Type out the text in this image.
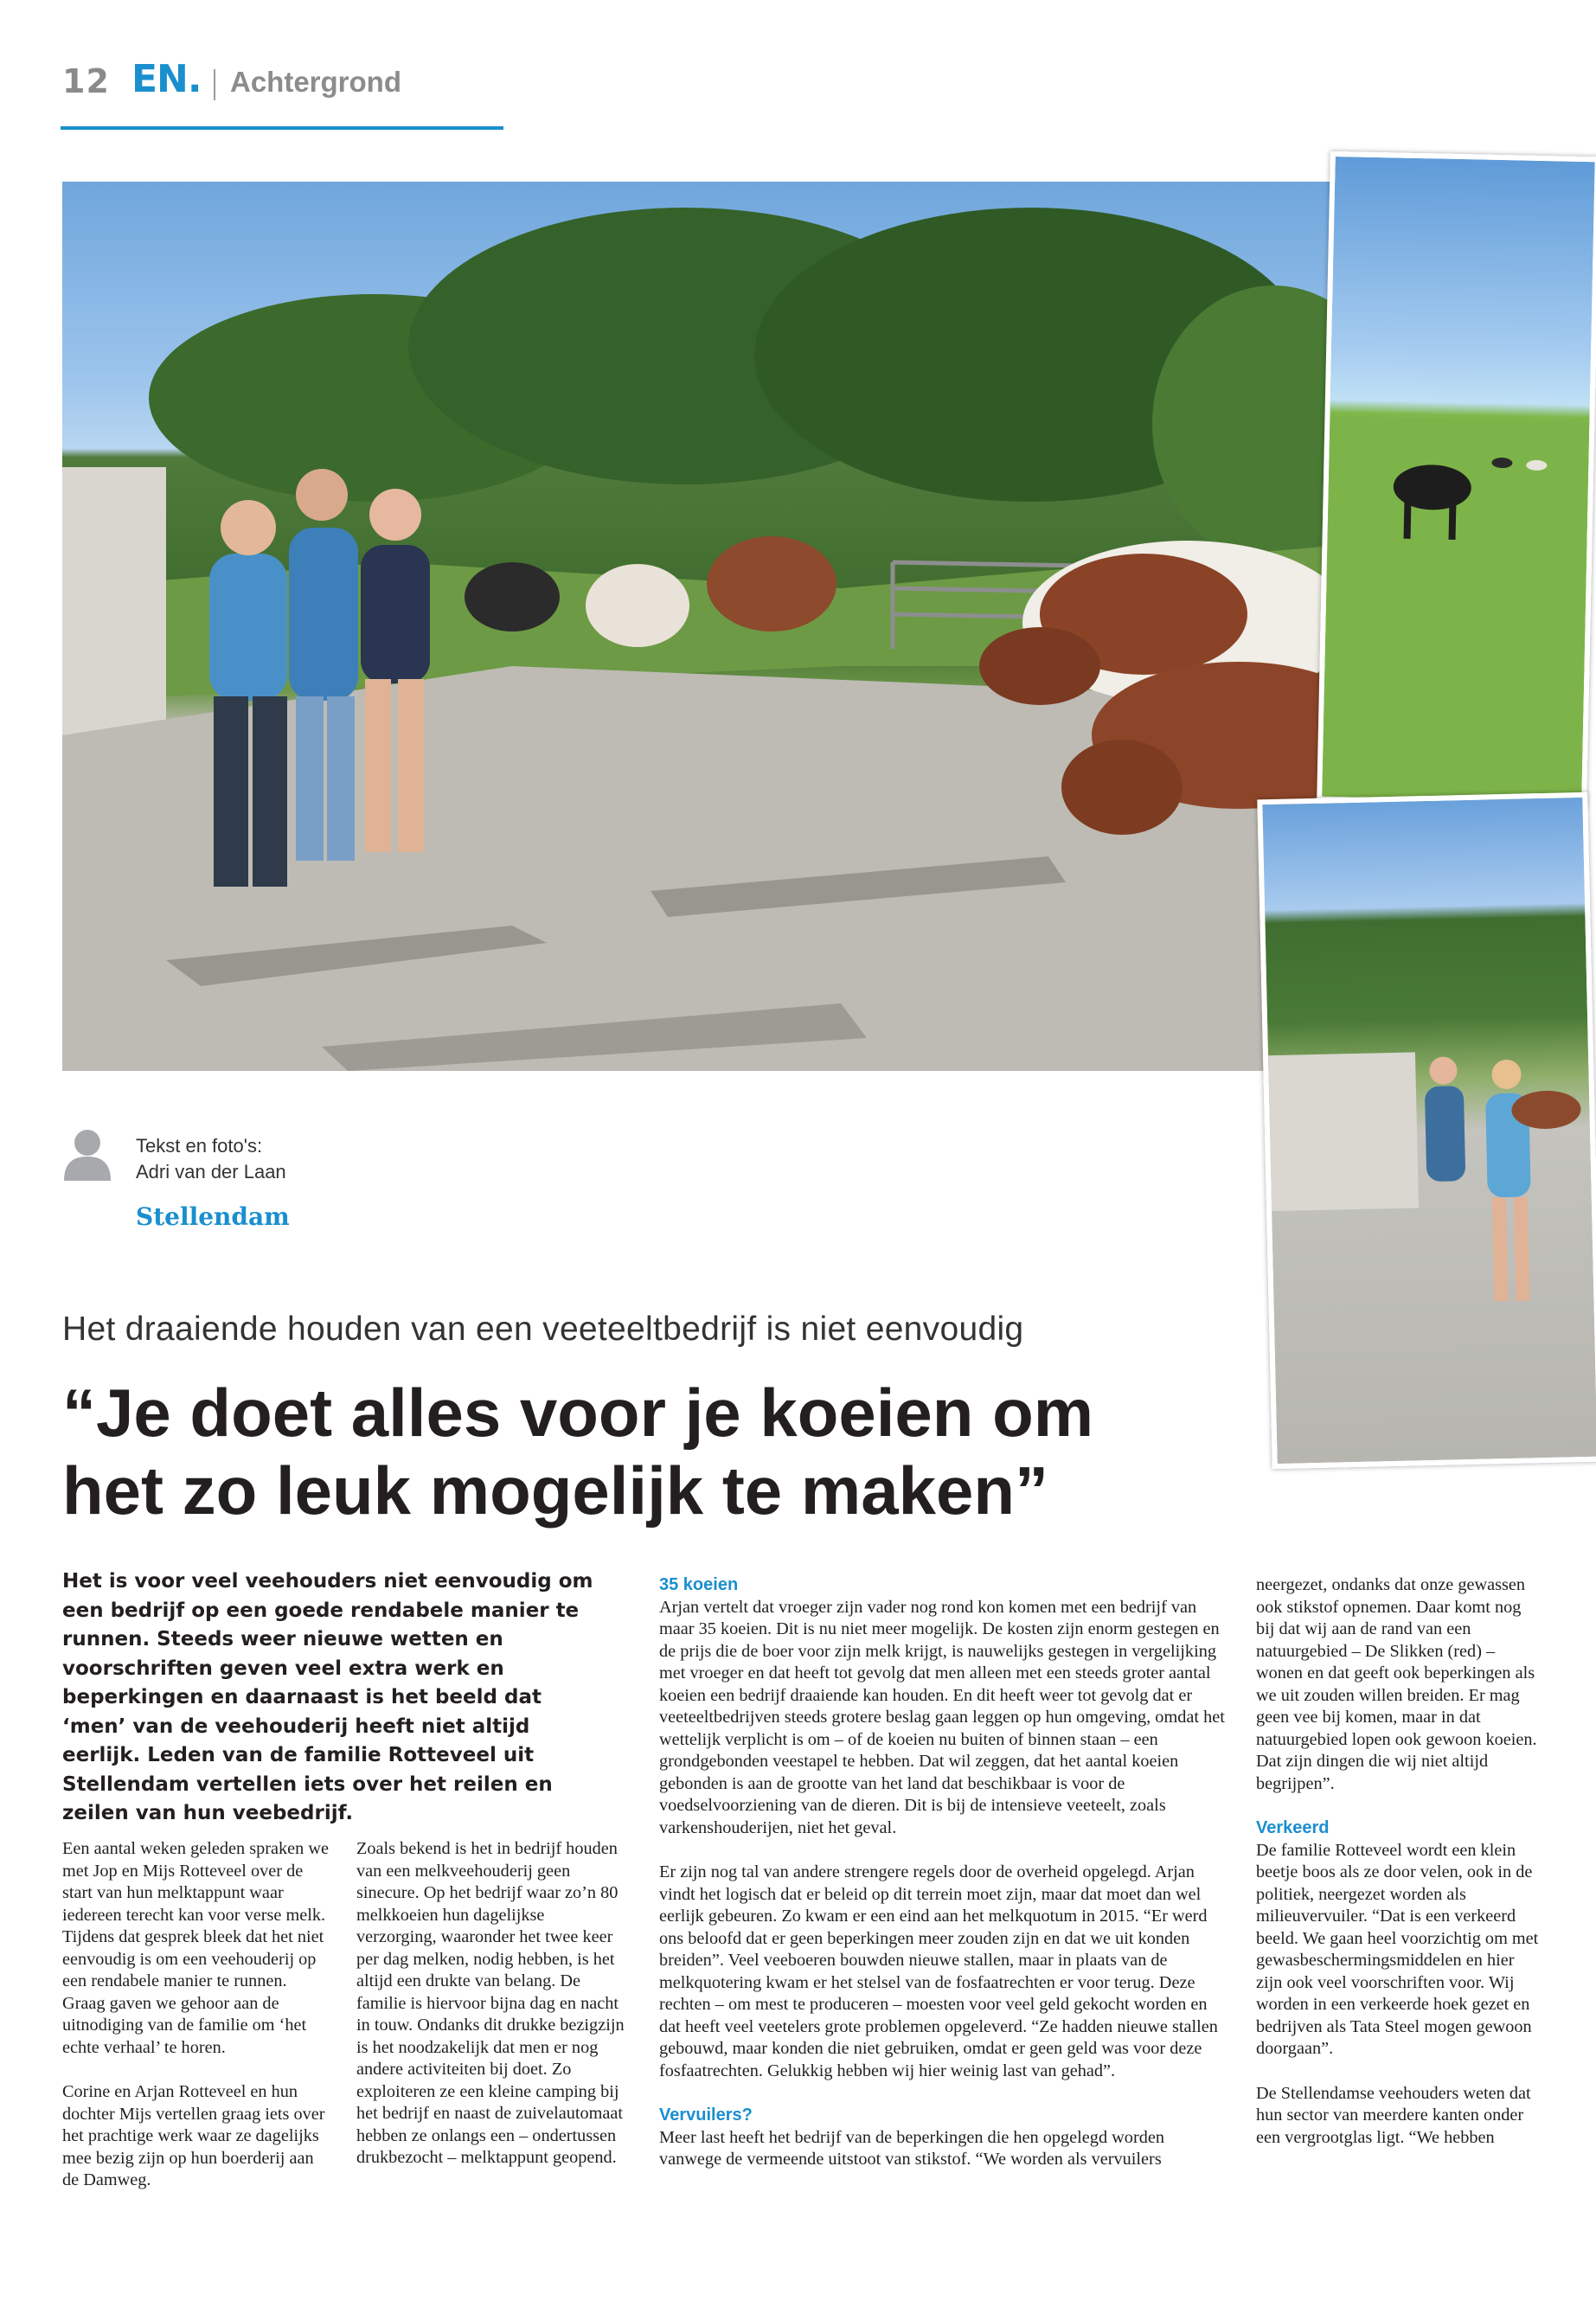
12 EN. Achtergrond
Tekst en foto's:
Adri van der Laan
Stellendam
Het draaiende houden van een veeteeltbedrijf is niet eenvoudig
“Je doet alles voor je koeien om
het zo leuk mogelijk te maken”

Het is voor veel veehouders niet eenvoudig om een bedrijf op een goede rendabele manier te runnen. Steeds weer nieuwe wetten en voorschriften geven veel extra werk en beperkingen en daarnaast is het beeld dat ‘men’ van de veehouderij heeft niet altijd eerlijk. Leden van de familie Rotteveel uit Stellendam vertellen iets over het reilen en zeilen van hun veebedrijf.

Een aantal weken geleden spraken we met Jop en Mijs Rotteveel over de start van hun melktappunt waar iedereen terecht kan voor verse melk. Tijdens dat gesprek bleek dat het niet eenvoudig is om een veehouderij op een rendabele manier te runnen. Graag gaven we gehoor aan de uitnodiging van de familie om ‘het echte verhaal’ te horen.

Corine en Arjan Rotteveel en hun dochter Mijs vertellen graag iets over het prachtige werk waar ze dagelijks mee bezig zijn op hun boerderij aan de Damweg.

Zoals bekend is het in bedrijf houden van een melkveehouderij geen sinecure. Op het bedrijf waar zo’n 80 melkkoeien hun dagelijkse verzorging, waaronder het twee keer per dag melken, nodig hebben, is het altijd een drukte van belang. De familie is hiervoor bijna dag en nacht in touw. Ondanks dit drukke bezigzijn is het noodzakelijk dat men er nog andere activiteiten bij doet. Zo exploiteren ze een kleine camping bij het bedrijf en naast de zuivelautomaat hebben ze onlangs een – ondertussen drukbezocht – melktappunt geopend.

35 koeien

Arjan vertelt dat vroeger zijn vader nog rond kon komen met een bedrijf van maar 35 koeien. Dit is nu niet meer mogelijk. De kosten zijn enorm gestegen en de prijs die de boer voor zijn melk krijgt, is nauwelijks gestegen in vergelijking met vroeger en dat heeft tot gevolg dat men alleen met een steeds groter aantal koeien een bedrijf draaiende kan houden. En dit heeft weer tot gevolg dat er veeteeltbedrijven steeds grotere beslag gaan leggen op hun omgeving, omdat het wettelijk verplicht is om – of de koeien nu buiten of binnen staan – een grondgebonden veestapel te hebben. Dat wil zeggen, dat het aantal koeien gebonden is aan de grootte van het land dat beschikbaar is voor de voedselvoorziening van de dieren. Dit is bij de intensieve veeteelt, zoals varkenshouderijen, niet het geval.

Er zijn nog tal van andere strengere regels door de overheid opgelegd. Arjan vindt het logisch dat er beleid op dit terrein moet zijn, maar dat moet dan wel eerlijk gebeuren. Zo kwam er een eind aan het melkquotum in 2015. “Er werd ons beloofd dat er geen beperkingen meer zouden zijn en dat we uit konden breiden”. Veel veeboeren bouwden nieuwe stallen, maar in plaats van de melkquotering kwam er het stelsel van de fosfaatrechten er voor terug. Deze rechten – om mest te produceren – moesten voor veel geld gekocht worden en dat heeft veel veetelers grote problemen opgeleverd. “Ze hadden nieuwe stallen gebouwd, maar konden die niet gebruiken, omdat er geen geld was voor deze fosfaatrechten. Gelukkig hebben wij hier weinig last van gehad”.

Vervuilers?

Meer last heeft het bedrijf van de beperkingen die hen opgelegd worden vanwege de vermeende uitstoot van stikstof. “We worden als vervuilers

neergezet, ondanks dat onze gewassen ook stikstof opnemen. Daar komt nog bij dat wij aan de rand van een natuurgebied – De Slikken (red) – wonen en dat geeft ook beperkingen als we uit zouden willen breiden. Er mag geen vee bij komen, maar in dat natuurgebied lopen ook gewoon koeien. Dat zijn dingen die wij niet altijd begrijpen”.

Verkeerd

De familie Rotteveel wordt een klein beetje boos als ze door velen, ook in de politiek, neergezet worden als milieuvervuiler. “Dat is een verkeerd beeld. We gaan heel voorzichtig om met gewasbeschermingsmiddelen en hier zijn ook veel voorschriften voor. Wij worden in een verkeerde hoek gezet en bedrijven als Tata Steel mogen gewoon doorgaan”.

De Stellendamse veehouders weten dat hun sector van meerdere kanten onder een vergrootglas ligt. “We hebben
